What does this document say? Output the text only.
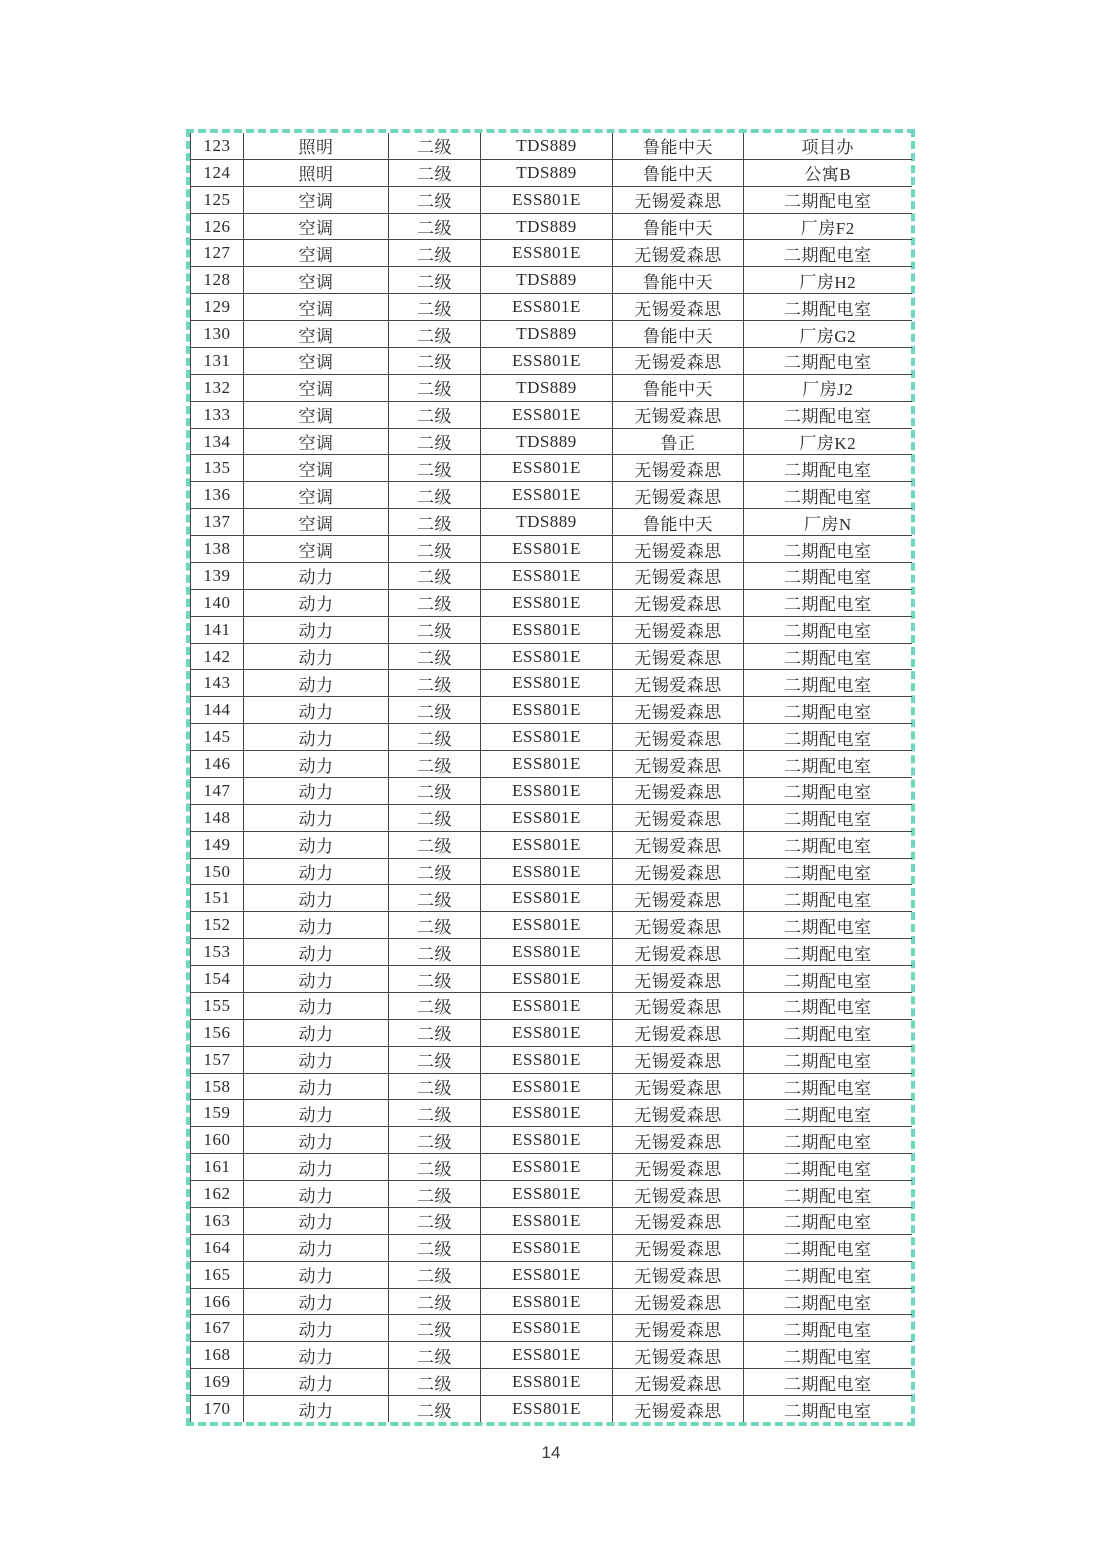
123	照明	二级	TDS889	鲁能中天	项目办
124	照明	二级	TDS889	鲁能中天	公寓B
125	空调	二级	ESS801E	无锡爱森思	二期配电室
126	空调	二级	TDS889	鲁能中天	厂房F2
127	空调	二级	ESS801E	无锡爱森思	二期配电室
128	空调	二级	TDS889	鲁能中天	厂房H2
129	空调	二级	ESS801E	无锡爱森思	二期配电室
130	空调	二级	TDS889	鲁能中天	厂房G2
131	空调	二级	ESS801E	无锡爱森思	二期配电室
132	空调	二级	TDS889	鲁能中天	厂房J2
133	空调	二级	ESS801E	无锡爱森思	二期配电室
134	空调	二级	TDS889	鲁正	厂房K2
135	空调	二级	ESS801E	无锡爱森思	二期配电室
136	空调	二级	ESS801E	无锡爱森思	二期配电室
137	空调	二级	TDS889	鲁能中天	厂房N
138	空调	二级	ESS801E	无锡爱森思	二期配电室
139	动力	二级	ESS801E	无锡爱森思	二期配电室
140	动力	二级	ESS801E	无锡爱森思	二期配电室
141	动力	二级	ESS801E	无锡爱森思	二期配电室
142	动力	二级	ESS801E	无锡爱森思	二期配电室
143	动力	二级	ESS801E	无锡爱森思	二期配电室
144	动力	二级	ESS801E	无锡爱森思	二期配电室
145	动力	二级	ESS801E	无锡爱森思	二期配电室
146	动力	二级	ESS801E	无锡爱森思	二期配电室
147	动力	二级	ESS801E	无锡爱森思	二期配电室
148	动力	二级	ESS801E	无锡爱森思	二期配电室
149	动力	二级	ESS801E	无锡爱森思	二期配电室
150	动力	二级	ESS801E	无锡爱森思	二期配电室
151	动力	二级	ESS801E	无锡爱森思	二期配电室
152	动力	二级	ESS801E	无锡爱森思	二期配电室
153	动力	二级	ESS801E	无锡爱森思	二期配电室
154	动力	二级	ESS801E	无锡爱森思	二期配电室
155	动力	二级	ESS801E	无锡爱森思	二期配电室
156	动力	二级	ESS801E	无锡爱森思	二期配电室
157	动力	二级	ESS801E	无锡爱森思	二期配电室
158	动力	二级	ESS801E	无锡爱森思	二期配电室
159	动力	二级	ESS801E	无锡爱森思	二期配电室
160	动力	二级	ESS801E	无锡爱森思	二期配电室
161	动力	二级	ESS801E	无锡爱森思	二期配电室
162	动力	二级	ESS801E	无锡爱森思	二期配电室
163	动力	二级	ESS801E	无锡爱森思	二期配电室
164	动力	二级	ESS801E	无锡爱森思	二期配电室
165	动力	二级	ESS801E	无锡爱森思	二期配电室
166	动力	二级	ESS801E	无锡爱森思	二期配电室
167	动力	二级	ESS801E	无锡爱森思	二期配电室
168	动力	二级	ESS801E	无锡爱森思	二期配电室
169	动力	二级	ESS801E	无锡爱森思	二期配电室
170	动力	二级	ESS801E	无锡爱森思	二期配电室
14
